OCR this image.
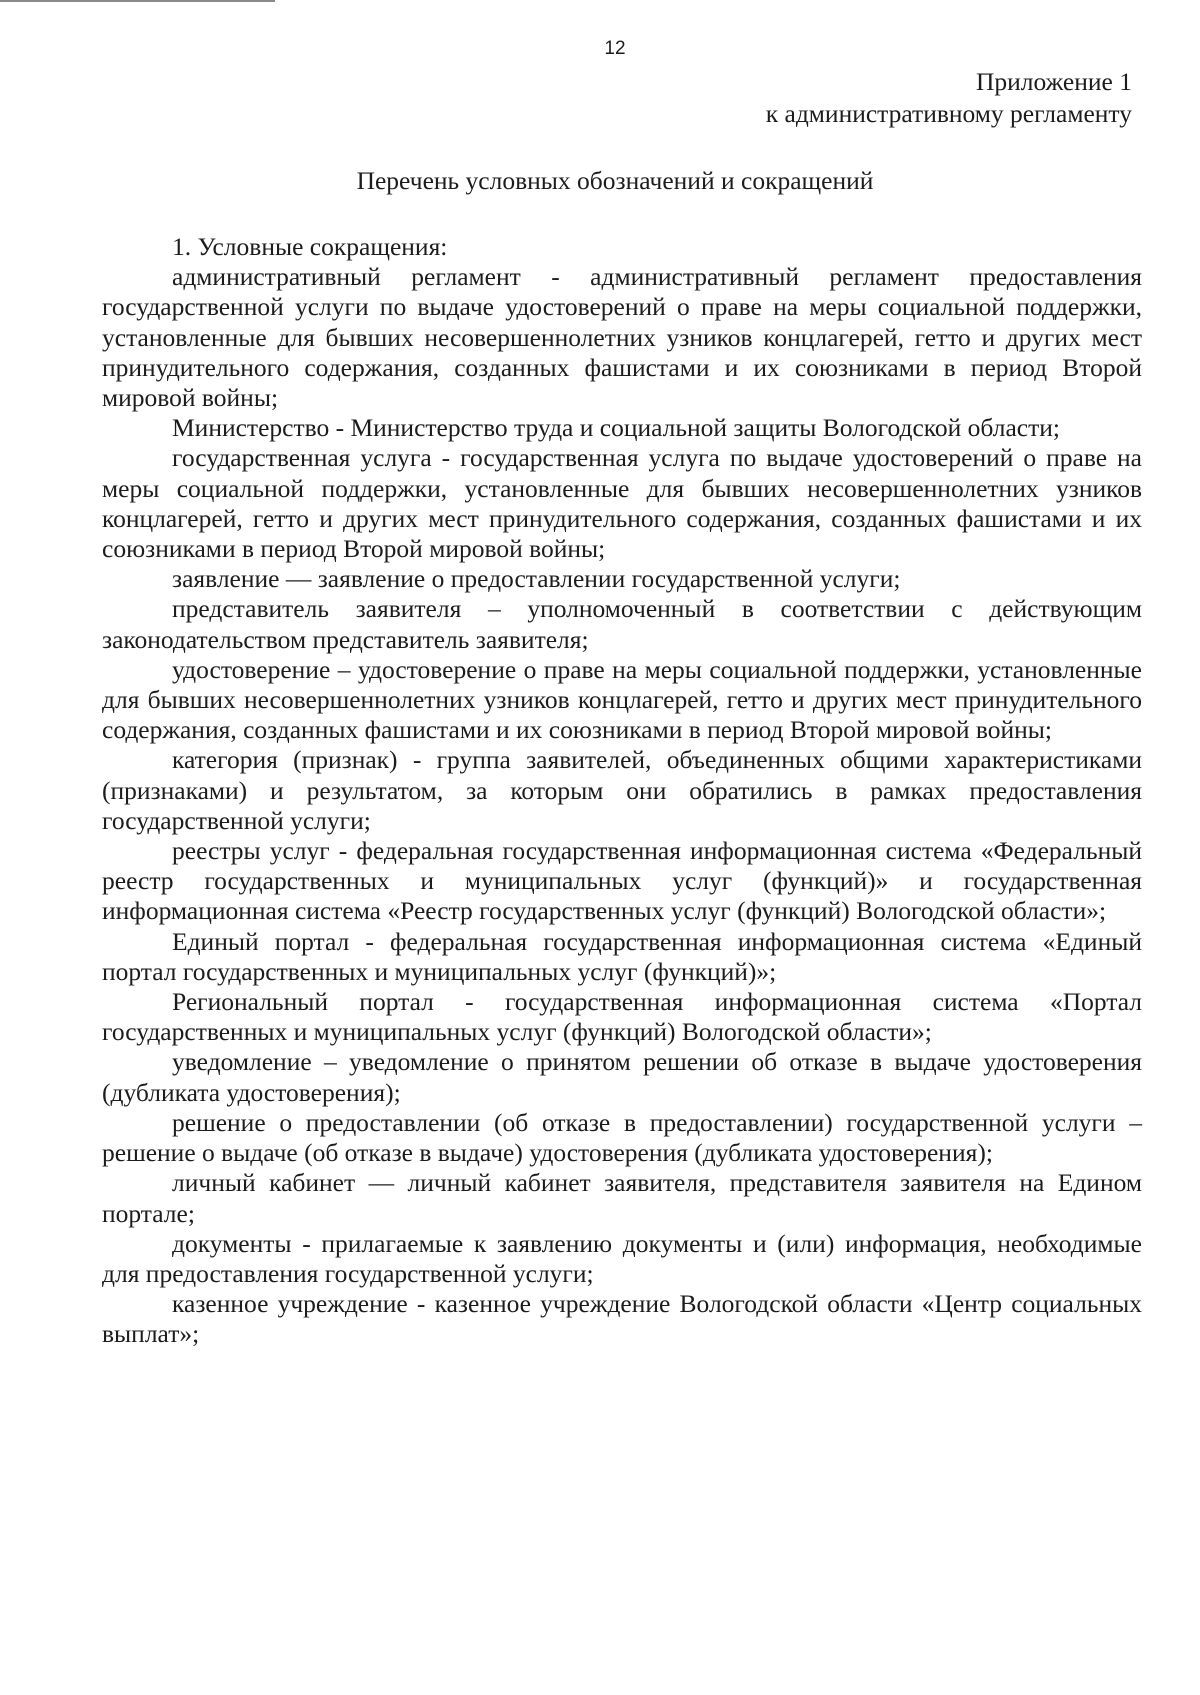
12
Приложение 1
к административному регламенту
Перечень условных обозначений и сокращений
1. Условные сокращения:

административный регламент - административный регламент предоставления государственной услуги по выдаче удостоверений о праве на меры социальной поддержки, установленные для бывших несовершеннолетних узников концлагерей, гетто и других мест принудительного содержания, созданных фашистами и их союзниками в период Второй мировой войны;

Министерство - Министерство труда и социальной защиты Вологодской области;

государственная услуга - государственная услуга по выдаче удостоверений о праве на меры социальной поддержки, установленные для бывших несовершеннолетних узников концлагерей, гетто и других мест принудительного содержания, созданных фашистами и их союзниками в период Второй мировой войны;

заявление — заявление о предоставлении государственной услуги;

представитель заявителя – уполномоченный в соответствии с действующим законодательством представитель заявителя;

удостоверение – удостоверение о праве на меры социальной поддержки, установленные для бывших несовершеннолетних узников концлагерей, гетто и других мест принудительного содержания, созданных фашистами и их союзниками в период Второй мировой войны;

категория (признак) - группа заявителей, объединенных общими характеристиками (признаками) и результатом, за которым они обратились в рамках предоставления государственной услуги;

реестры услуг - федеральная государственная информационная система «Федеральный реестр государственных и муниципальных услуг (функций)» и государственная информационная система «Реестр государственных услуг (функций) Вологодской области»;

Единый портал - федеральная государственная информационная система «Единый портал государственных и муниципальных услуг (функций)»;

Региональный портал - государственная информационная система «Портал государственных и муниципальных услуг (функций) Вологодской области»;

уведомление – уведомление о принятом решении об отказе в выдаче удостоверения (дубликата удостоверения);

решение о предоставлении (об отказе в предоставлении) государственной услуги – решение о выдаче (об отказе в выдаче) удостоверения (дубликата удостоверения);

личный кабинет — личный кабинет заявителя, представителя заявителя на Едином портале;

документы - прилагаемые к заявлению документы и (или) информация, необходимые для предоставления государственной услуги;

казенное учреждение - казенное учреждение Вологодской области «Центр социальных выплат»;
